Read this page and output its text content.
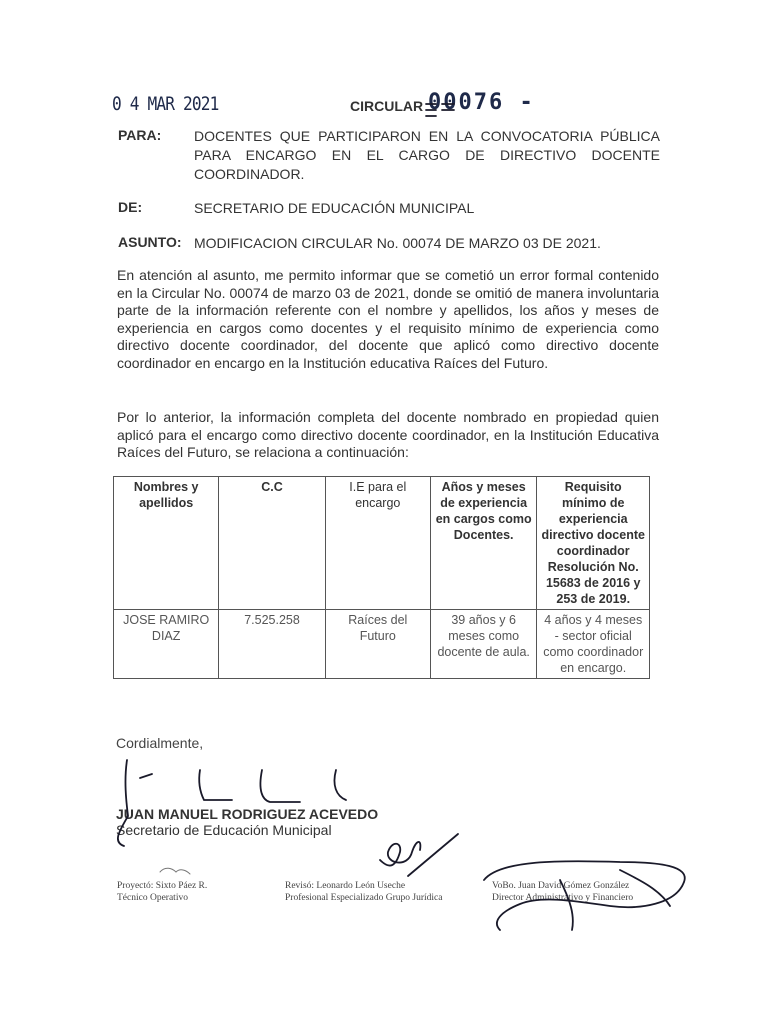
0 4 MAR 2021	CIRCULAR 00076 -
PARA: DOCENTES QUE PARTICIPARON EN LA CONVOCATORIA PÚBLICA PARA ENCARGO EN EL CARGO DE DIRECTIVO DOCENTE COORDINADOR.
DE:	SECRETARIO DE EDUCACIÓN MUNICIPAL
ASUNTO: MODIFICACION CIRCULAR No. 00074 DE MARZO 03 DE 2021.
En atención al asunto, me permito informar que se cometió un error formal contenido en la Circular No. 00074 de marzo 03 de 2021, donde se omitió de manera involuntaria parte de la información referente con el nombre y apellidos, los años y meses de experiencia en cargos como docentes y el requisito mínimo de experiencia como directivo docente coordinador, del docente que aplicó como directivo docente coordinador en encargo en la Institución educativa Raíces del Futuro.
Por lo anterior, la información completa del docente nombrado en propiedad quien aplicó para el encargo como directivo docente coordinador, en la Institución Educativa Raíces del Futuro, se relaciona a continuación:
Nombres y apellidos	C.C	I.E para el encargo	Años y meses de experiencia en cargos como Docentes.	Requisito mínimo de experiencia directivo docente coordinador Resolución No. 15683 de 2016 y 253 de 2019.
JOSE RAMIRO DIAZ	7.525.258	Raíces del Futuro	39 años y 6 meses como docente de aula.	4 años y 4 meses - sector oficial como coordinador en encargo.
Cordialmente,
JUAN MANUEL RODRIGUEZ ACEVEDO
Secretario de Educación Municipal
Proyectó: Sixto Páez R.
Técnico Operativo
Revisó: Leonardo León Useche
Profesional Especializado Grupo Jurídica
VoBo. Juan David Gómez González
Director Administrativo y Financiero
